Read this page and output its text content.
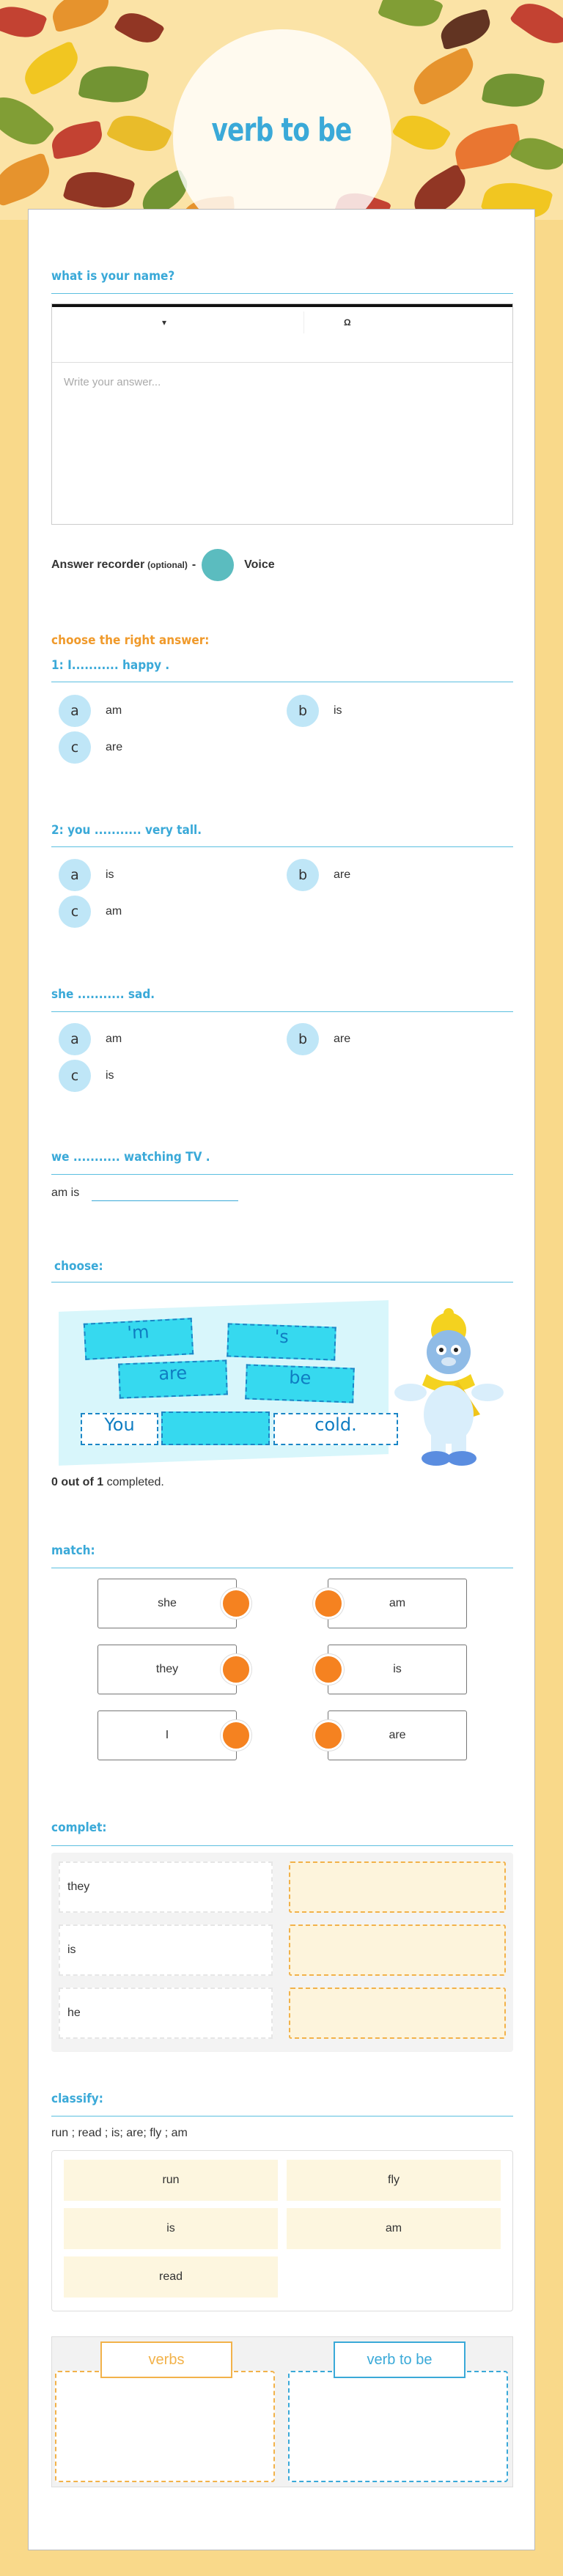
verb to be
what is your name?
▾	Ω
Write your answer...
Answer recorder (optional) -	Voice
choose the right answer:
1: I........... happy .
a	am	b	is
c	are
2: you ........... very tall.
a	is	b	are
c	am
she ........... sad.
a	am	b	are
c	is
we ........... watching TV .
am is
choose:
'm	's
are	be
You	cold.
0 out of 1 completed.
match:
she	am
they	is
I	are
complet:
they
is
he
classify:
run ; read ; is; are; fly ; am
run	fly
is	am
read
verbs	verb to be
